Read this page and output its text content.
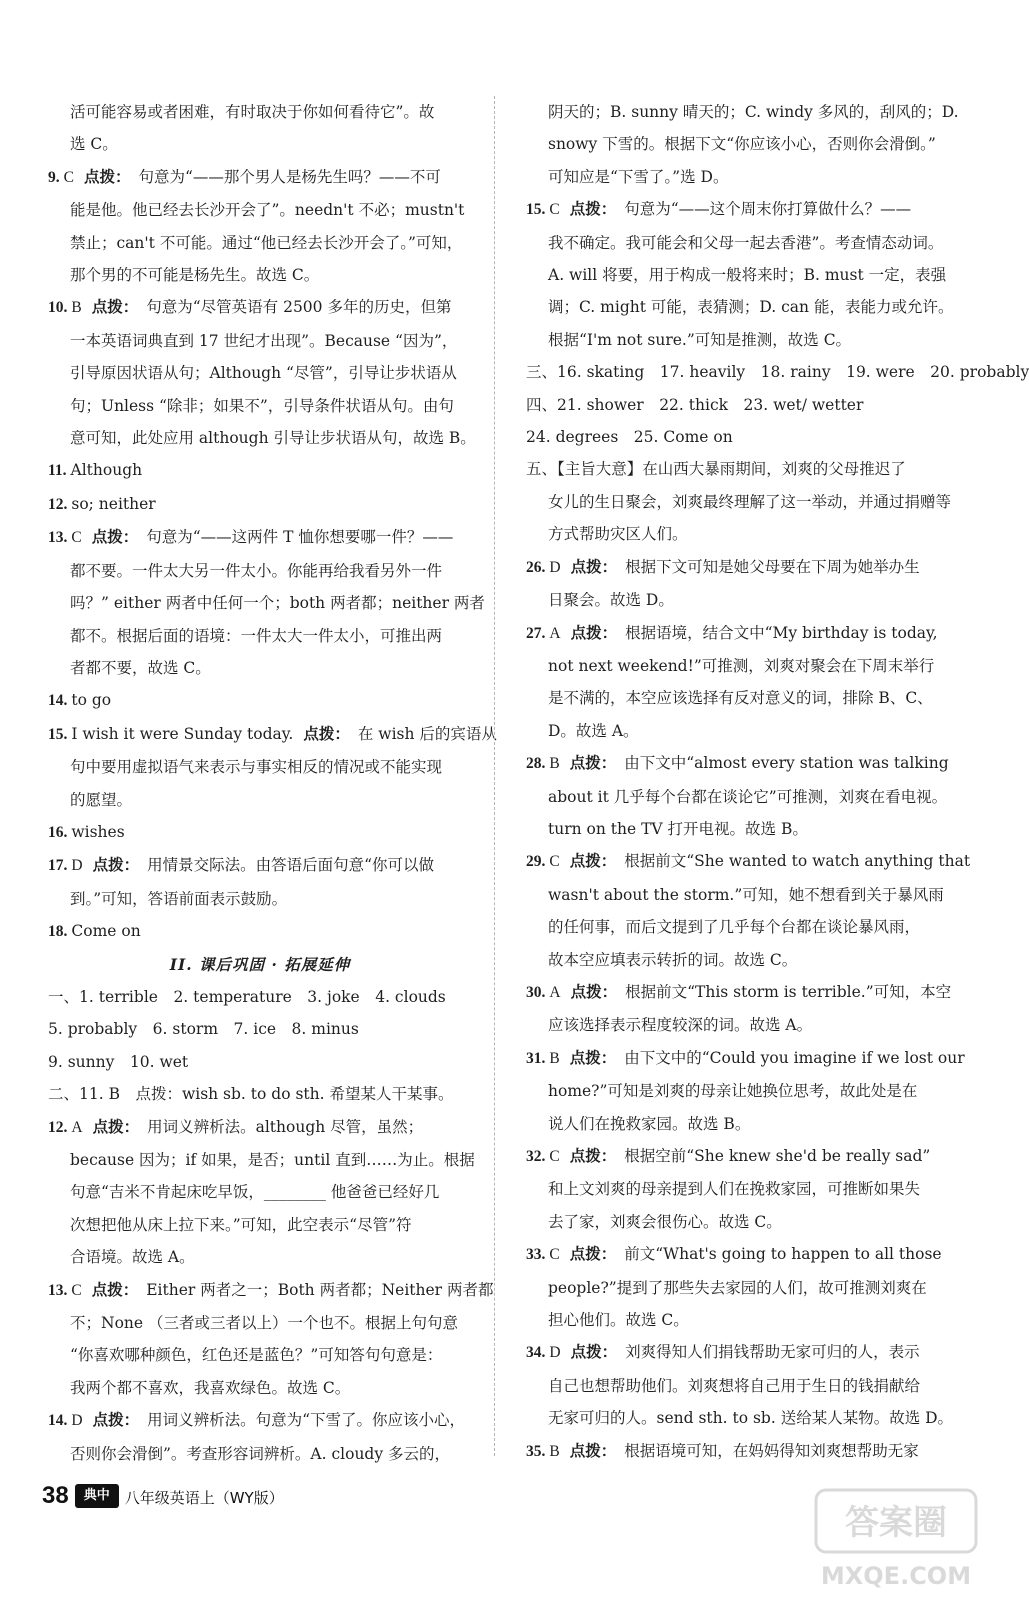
活可能容易或者困难，有时取决于你如何看待它”。故
选 C。
9. C 点拨： 句意为“——那个男人是杨先生吗？——不可
能是他。他已经去长沙开会了”。needn't 不必；mustn't
禁止；can't 不可能。通过“他已经去长沙开会了。”可知，
那个男的不可能是杨先生。故选 C。
10. B 点拨： 句意为“尽管英语有 2500 多年的历史，但第
一本英语词典直到 17 世纪才出现”。Because “因为”，
引导原因状语从句；Although “尽管”，引导让步状语从
句；Unless “除非；如果不”，引导条件状语从句。由句
意可知，此处应用 although 引导让步状语从句，故选 B。
11. Although
12. so; neither
13. C 点拨： 句意为“——这两件 T 恤你想要哪一件？——
都不要。一件太大另一件太小。你能再给我看另外一件
吗？” either 两者中任何一个；both 两者都；neither 两者
都不。根据后面的语境：一件太大一件太小，可推出两
者都不要，故选 C。
14. to go
15. I wish it were Sunday today. 点拨： 在 wish 后的宾语从
句中要用虚拟语气来表示与事实相反的情况或不能实现
的愿望。
16. wishes
17. D 点拨： 用情景交际法。由答语后面句意“你可以做
到。”可知，答语前面表示鼓励。
18. Come on
II. 课后巩固 · 拓展延伸
一、1. terrible　2. temperature　3. joke　4. clouds
5. probably　6. storm　7. ice　8. minus
9. sunny　10. wet
二、11. B　点拨：wish sb. to do sth. 希望某人干某事。
12. A 点拨： 用词义辨析法。although 尽管，虽然；
because 因为；if 如果，是否；until 直到……为止。根据
句意“吉米不肯起床吃早饭，________ 他爸爸已经好几
次想把他从床上拉下来。”可知，此空表示“尽管”符
合语境。故选 A。
13. C 点拨： Either 两者之一；Both 两者都；Neither 两者都
不；None （三者或三者以上）一个也不。根据上句句意
“你喜欢哪种颜色，红色还是蓝色？”可知答句句意是：
我两个都不喜欢，我喜欢绿色。故选 C。
14. D 点拨： 用词义辨析法。句意为“下雪了。你应该小心，
否则你会滑倒”。考查形容词辨析。A. cloudy 多云的，
阴天的；B. sunny 晴天的；C. windy 多风的，刮风的；D.
snowy 下雪的。根据下文“你应该小心，否则你会滑倒。”
可知应是“下雪了。”选 D。
15. C 点拨： 句意为“——这个周末你打算做什么？——
我不确定。我可能会和父母一起去香港”。考查情态动词。
A. will 将要，用于构成一般将来时；B. must 一定，表强
调；C. might 可能，表猜测；D. can 能，表能力或允许。
根据“I'm not sure.”可知是推测，故选 C。
三、16. skating　17. heavily　18. rainy　19. were　20. probably
四、21. shower　22. thick　23. wet/ wetter
24. degrees　25. Come on
五、【主旨大意】在山西大暴雨期间，刘爽的父母推迟了
女儿的生日聚会，刘爽最终理解了这一举动，并通过捐赠等
方式帮助灾区人们。
26. D 点拨： 根据下文可知是她父母要在下周为她举办生
日聚会。故选 D。
27. A 点拨： 根据语境，结合文中“My birthday is today,
not next weekend!”可推测，刘爽对聚会在下周末举行
是不满的，本空应该选择有反对意义的词，排除 B、C、
D。故选 A。
28. B 点拨： 由下文中“almost every station was talking
about it 几乎每个台都在谈论它”可推测，刘爽在看电视。
turn on the TV 打开电视。故选 B。
29. C 点拨： 根据前文“She wanted to watch anything that
wasn't about the storm.”可知，她不想看到关于暴风雨
的任何事，而后文提到了几乎每个台都在谈论暴风雨，
故本空应填表示转折的词。故选 C。
30. A 点拨： 根据前文“This storm is terrible.”可知，本空
应该选择表示程度较深的词。故选 A。
31. B 点拨： 由下文中的“Could you imagine if we lost our
home?”可知是刘爽的母亲让她换位思考，故此处是在
说人们在挽救家园。故选 B。
32. C 点拨： 根据空前“She knew she'd be really sad”
和上文刘爽的母亲提到人们在挽救家园，可推断如果失
去了家，刘爽会很伤心。故选 C。
33. C 点拨： 前文“What's going to happen to all those
people?”提到了那些失去家园的人们，故可推测刘爽在
担心他们。故选 C。
34. D 点拨： 刘爽得知人们捐钱帮助无家可归的人，表示
自己也想帮助他们。刘爽想将自己用于生日的钱捐献给
无家可归的人。send sth. to sb. 送给某人某物。故选 D。
35. B 点拨： 根据语境可知，在妈妈得知刘爽想帮助无家
38	典中	八年级英语上（WY版）
答案圈
MXQE.COM
